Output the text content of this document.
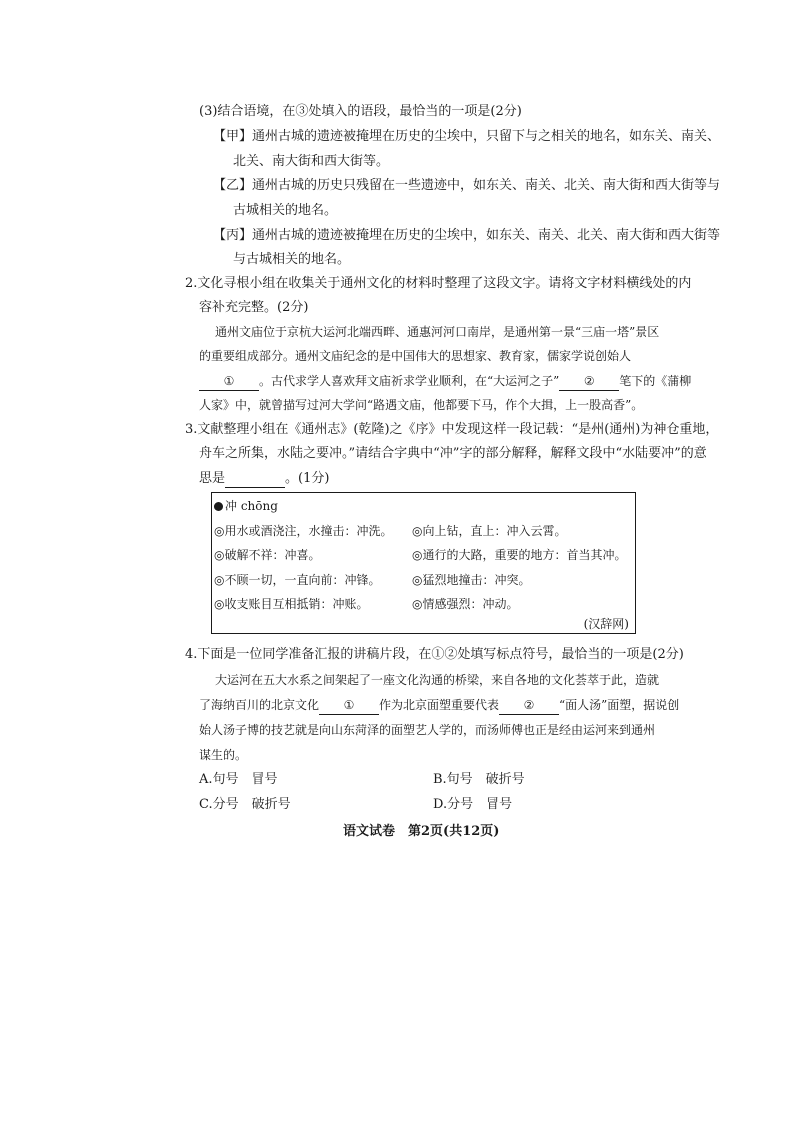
(3)结合语境，在③处填入的语段，最恰当的一项是(2分)
【甲】通州古城的遗迹被掩埋在历史的尘埃中，只留下与之相关的地名，如东关、南关、
北关、南大街和西大街等。
【乙】通州古城的历史只残留在一些遗迹中，如东关、南关、北关、南大街和西大街等与
古城相关的地名。
【丙】通州古城的遗迹被掩埋在历史的尘埃中，如东关、南关、北关、南大街和西大街等
与古城相关的地名。
2.文化寻根小组在收集关于通州文化的材料时整理了这段文字。请将文字材料横线处的内
容补充完整。(2分)
通州文庙位于京杭大运河北端西畔、通惠河河口南岸，是通州第一景“三庙一塔”景区
的重要组成部分。通州文庙纪念的是中国伟大的思想家、教育家，儒家学说创始人
① 。古代求学人喜欢拜文庙祈求学业顺利，在“大运河之子” ② 笔下的《蒲柳
人家》中，就曾描写过河大学问“路遇文庙，他都要下马，作个大揖，上一股高香”。
3.文献整理小组在《通州志》(乾隆)之《序》中发现这样一段记载：“是州(通州)为神仓重地，
舟车之所集，水陆之要冲。”请结合字典中“冲”字的部分解释，解释文段中“水陆要冲”的意
思是	。(1分)
冲 chōng
◎用水或酒浇注，水撞击：冲洗。 ◎向上钻，直上：冲入云霄。
◎破解不祥：冲喜。	◎通行的大路，重要的地方：首当其冲。
◎不顾一切，一直向前：冲锋。	◎猛烈地撞击：冲突。
◎收支账目互相抵销：冲账。	◎情感强烈：冲动。
(汉辞网)
4.下面是一位同学准备汇报的讲稿片段，在①②处填写标点符号，最恰当的一项是(2分)
大运河在五大水系之间架起了一座文化沟通的桥梁，来自各地的文化荟萃于此，造就
了海纳百川的北京文化 ① 作为北京面塑重要代表 ② “面人汤”面塑，据说创
始人汤子博的技艺就是向山东菏泽的面塑艺人学的，而汤师傅也正是经由运河来到通州
谋生的。
A.句号　冒号	B.句号　破折号
C.分号　破折号	D.分号　冒号
语文试卷　第2页(共12页)
